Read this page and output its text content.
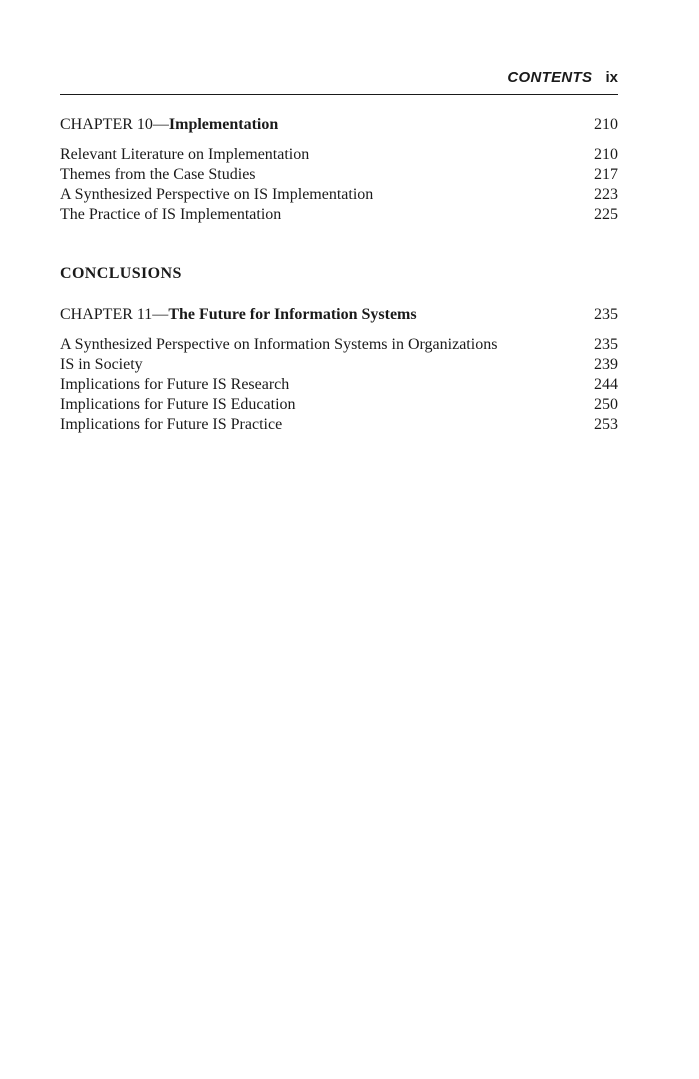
CONTENTS ix
CHAPTER 10—Implementation	210
Relevant Literature on Implementation	210
Themes from the Case Studies	217
A Synthesized Perspective on IS Implementation	223
The Practice of IS Implementation	225
CONCLUSIONS
CHAPTER 11—The Future for Information Systems	235
A Synthesized Perspective on Information Systems in Organizations	235
IS in Society	239
Implications for Future IS Research	244
Implications for Future IS Education	250
Implications for Future IS Practice	253
